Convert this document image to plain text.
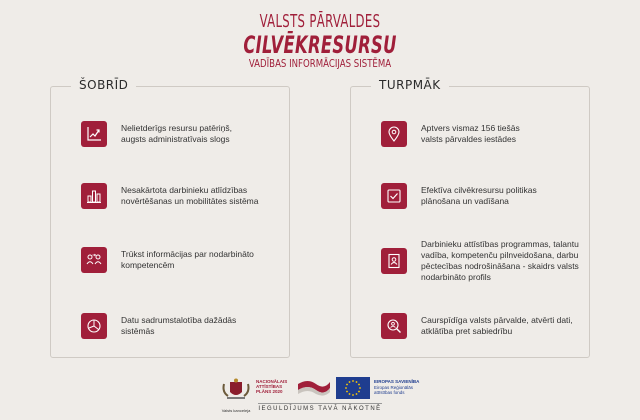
VALSTS PĀRVALDES
CILVĒKRESURSU
VADĪBAS INFORMĀCIJAS SISTĒMA
ŠOBRĪD
Nelietderīgs resursu patēriņš,
augsts administratīvais slogs
Nesakārtota darbinieku atlīdzības
novērtēšanas un mobilitātes sistēma
Trūkst informācijas par nodarbināto
kompetencēm
Datu sadrumstalotība dažādās
sistēmās
TURPMĀK
Aptvers vismaz 156 tiešās
valsts pārvaldes iestādes
Efektīva cilvēkresursu politikas
plānošana un vadīšana
Darbinieku attīstības programmas, talantu
vadība, kompetenču pilnveidošana, darbu
pēctecības nodrošināšana - skaidrs valsts
nodarbināto profils
Caurspīdīga valsts pārvalde, atvērti dati,
atklātība pret sabiedrību
Valsts kanceleja
NACIONĀLAIS
ATTĪSTĪBAS
PLĀNS 2020
EIROPAS SAVIENĪBA
Eiropas Reģionālās
attīstības fonds
IEGULDĪJUMS TAVĀ NĀKOTNĒ
